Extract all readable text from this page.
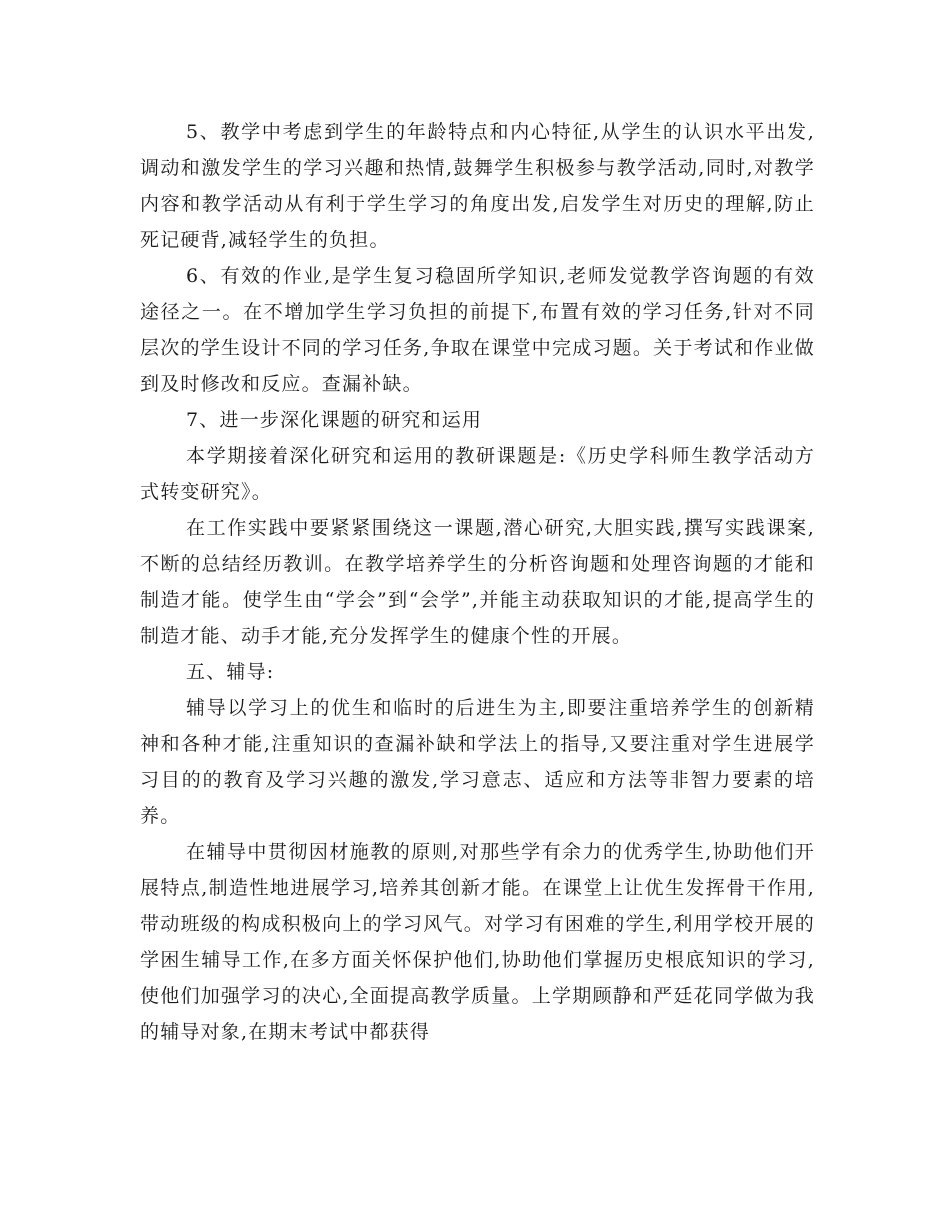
5、教学中考虑到学生的年龄特点和内心特征,从学生的认识水平出发,调动和激发学生的学习兴趣和热情,鼓舞学生积极参与教学活动,同时,对教学内容和教学活动从有利于学生学习的角度出发,启发学生对历史的理解,防止死记硬背,减轻学生的负担。

6、有效的作业,是学生复习稳固所学知识,老师发觉教学咨询题的有效途径之一。在不增加学生学习负担的前提下,布置有效的学习任务,针对不同层次的学生设计不同的学习任务,争取在课堂中完成习题。关于考试和作业做到及时修改和反应。查漏补缺。

7、进一步深化课题的研究和运用

本学期接着深化研究和运用的教研课题是:《历史学科师生教学活动方式转变研究》。

在工作实践中要紧紧围绕这一课题,潜心研究,大胆实践,撰写实践课案,不断的总结经历教训。在教学培养学生的分析咨询题和处理咨询题的才能和制造才能。使学生由“学会”到“会学”,并能主动获取知识的才能,提高学生的制造才能、动手才能,充分发挥学生的健康个性的开展。

五、辅导:

辅导以学习上的优生和临时的后进生为主,即要注重培养学生的创新精神和各种才能,注重知识的查漏补缺和学法上的指导,又要注重对学生进展学习目的的教育及学习兴趣的激发,学习意志、适应和方法等非智力要素的培养。

在辅导中贯彻因材施教的原则,对那些学有余力的优秀学生,协助他们开展特点,制造性地进展学习,培养其创新才能。在课堂上让优生发挥骨干作用,带动班级的构成积极向上的学习风气。对学习有困难的学生,利用学校开展的学困生辅导工作,在多方面关怀保护他们,协助他们掌握历史根底知识的学习,使他们加强学习的决心,全面提高教学质量。上学期顾静和严廷花同学做为我的辅导对象,在期末考试中都获得
